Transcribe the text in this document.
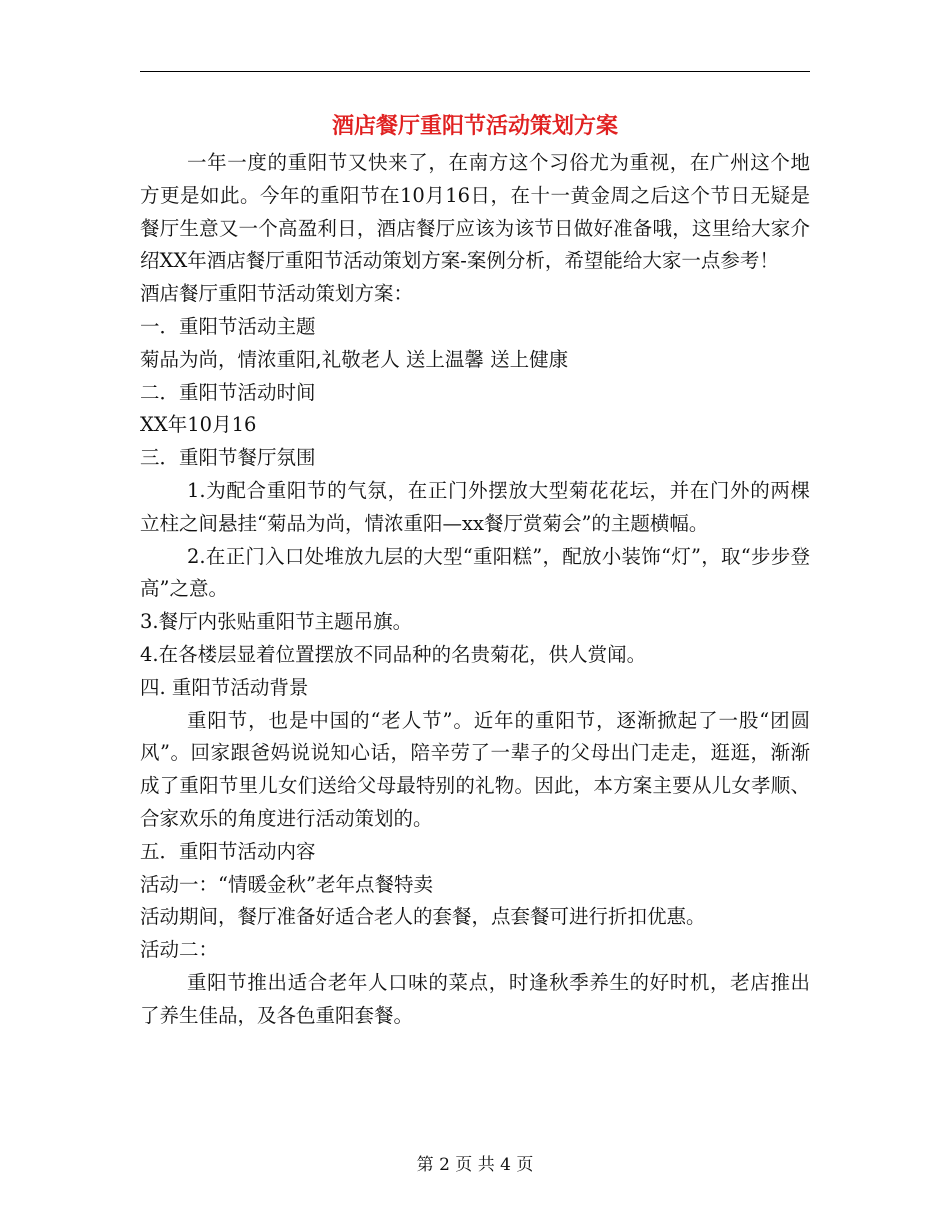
酒店餐厅重阳节活动策划方案

一年一度的重阳节又快来了，在南方这个习俗尤为重视，在广州这个地方更是如此。今年的重阳节在10月16日，在十一黄金周之后这个节日无疑是餐厅生意又一个高盈利日，酒店餐厅应该为该节日做好准备哦，这里给大家介绍XX年酒店餐厅重阳节活动策划方案-案例分析，希望能给大家一点参考！

酒店餐厅重阳节活动策划方案：

一．重阳节活动主题

菊品为尚，情浓重阳,礼敬老人 送上温馨 送上健康

二．重阳节活动时间

XX年10月16

三．重阳节餐厅氛围

1.为配合重阳节的气氛，在正门外摆放大型菊花花坛，并在门外的两棵立柱之间悬挂“菊品为尚，情浓重阳—xx餐厅赏菊会”的主题横幅。

2.在正门入口处堆放九层的大型“重阳糕”，配放小装饰“灯”，取“步步登高”之意。

3.餐厅内张贴重阳节主题吊旗。

4.在各楼层显着位置摆放不同品种的名贵菊花，供人赏闻。

四. 重阳节活动背景

重阳节，也是中国的“老人节”。近年的重阳节，逐渐掀起了一股“团圆风”。回家跟爸妈说说知心话，陪辛劳了一辈子的父母出门走走，逛逛，渐渐成了重阳节里儿女们送给父母最特别的礼物。因此，本方案主要从儿女孝顺、合家欢乐的角度进行活动策划的。

五．重阳节活动内容

活动一：“情暖金秋”老年点餐特卖

活动期间，餐厅准备好适合老人的套餐，点套餐可进行折扣优惠。

活动二：

重阳节推出适合老年人口味的菜点，时逢秋季养生的好时机，老店推出了养生佳品，及各色重阳套餐。

第 2 页 共 4 页
